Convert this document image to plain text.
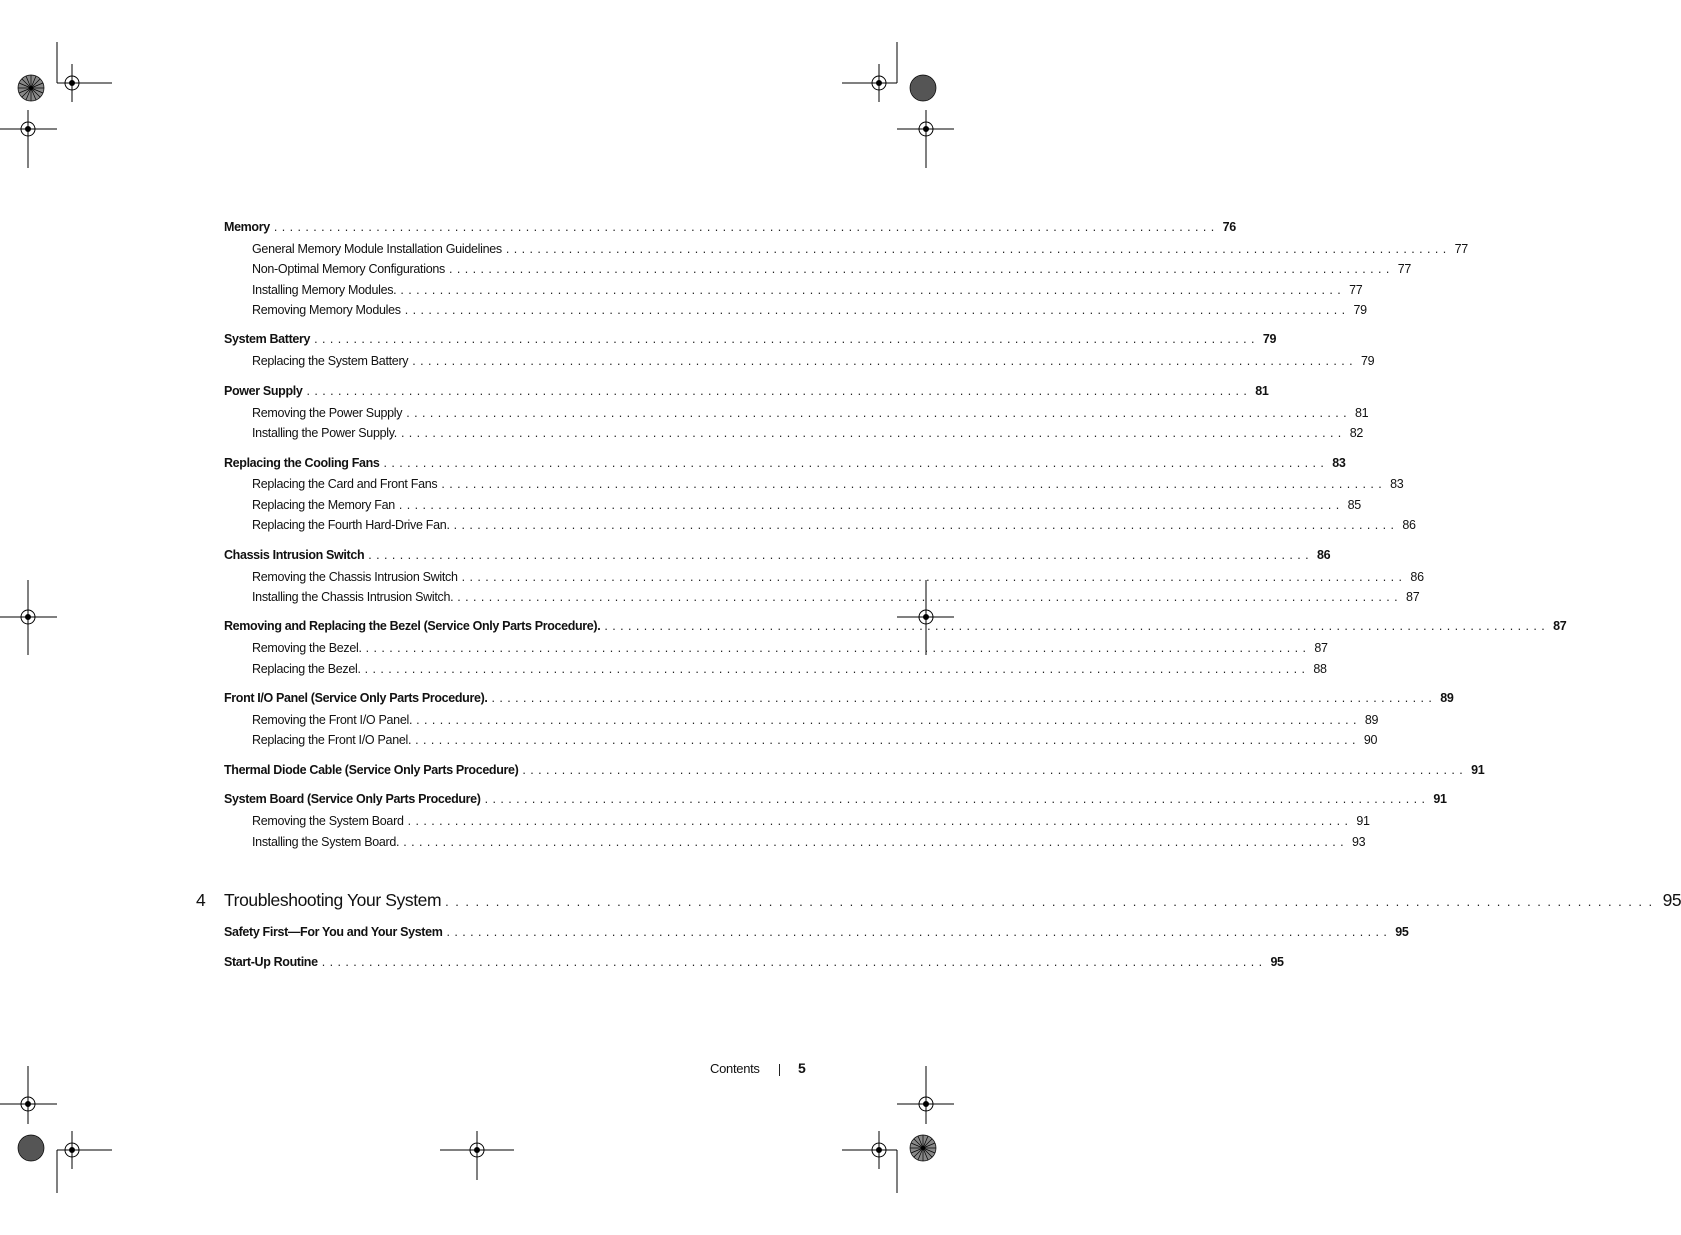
Memory ........................................................................................................................ 76
General Memory Module Installation Guidelines ........................................................................................................................ 77
Non-Optimal Memory Configurations ........................................................................................................................ 77
Installing Memory Modules. ........................................................................................................................ 77
Removing Memory Modules ........................................................................................................................ 79
System Battery ........................................................................................................................ 79
Replacing the System Battery ........................................................................................................................ 79
Power Supply ........................................................................................................................ 81
Removing the Power Supply ........................................................................................................................ 81
Installing the Power Supply. ........................................................................................................................ 82
Replacing the Cooling Fans ........................................................................................................................ 83
Replacing the Card and Front Fans ........................................................................................................................ 83
Replacing the Memory Fan ........................................................................................................................ 85
Replacing the Fourth Hard-Drive Fan. ........................................................................................................................ 86
Chassis Intrusion Switch ........................................................................................................................ 86
Removing the Chassis Intrusion Switch ........................................................................................................................ 86
Installing the Chassis Intrusion Switch. ........................................................................................................................ 87
Removing and Replacing the Bezel (Service Only Parts Procedure). ........................................................................................................................ 87
Removing the Bezel. ........................................................................................................................ 87
Replacing the Bezel. ........................................................................................................................ 88
Front I/O Panel (Service Only Parts Procedure). ........................................................................................................................ 89
Removing the Front I/O Panel. ........................................................................................................................ 89
Replacing the Front I/O Panel. ........................................................................................................................ 90
Thermal Diode Cable (Service Only Parts Procedure) ........................................................................................................................ 91
System Board (Service Only Parts Procedure) ........................................................................................................................ 91
Removing the System Board ........................................................................................................................ 91
Installing the System Board. ........................................................................................................................ 93
4	Troubleshooting Your System ........................................................................................................................ 95
Safety First—For You and Your System ........................................................................................................................ 95
Start-Up Routine ........................................................................................................................ 95
Contents	5
